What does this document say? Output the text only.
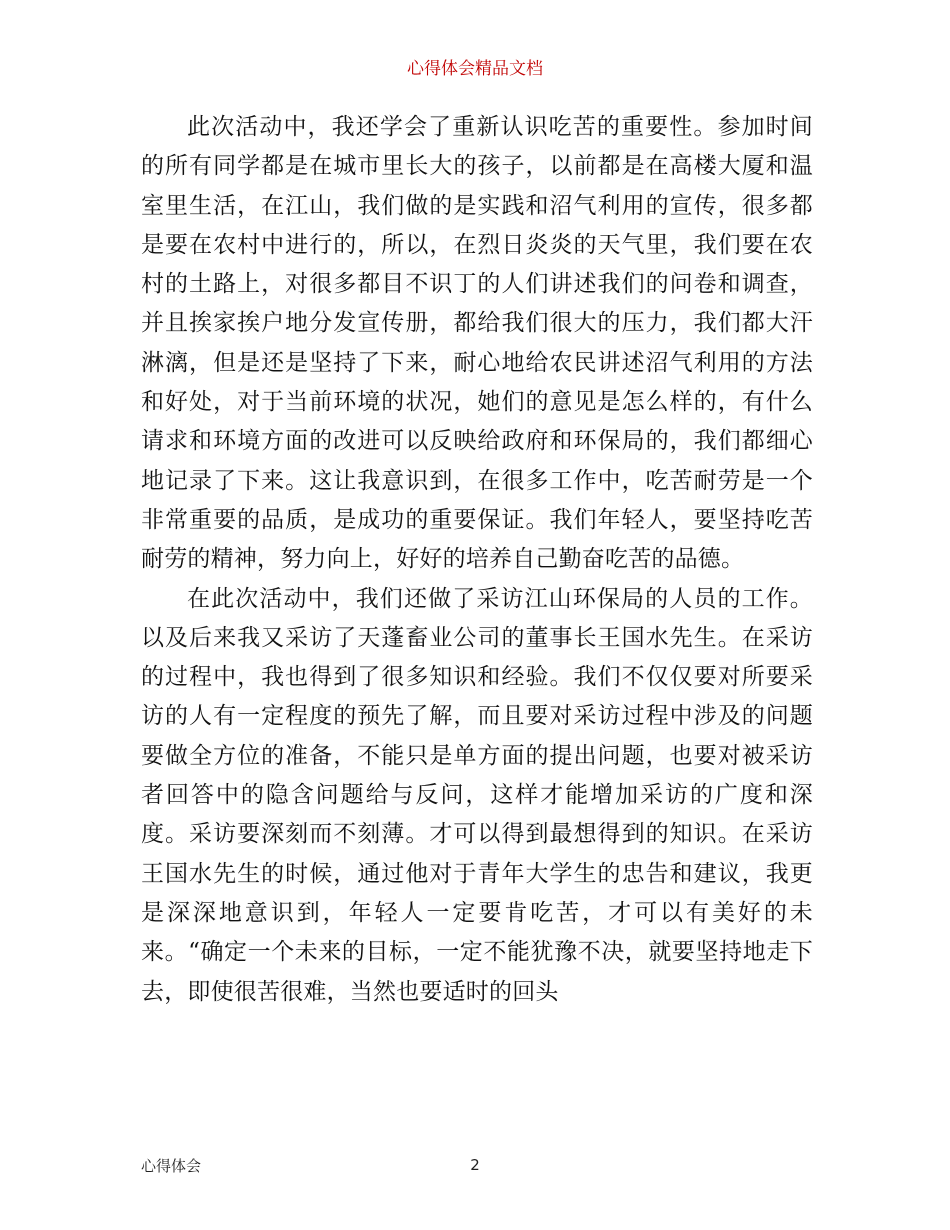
心得体会精品文档

此次活动中，我还学会了重新认识吃苦的重要性。参加时间的所有同学都是在城市里长大的孩子，以前都是在高楼大厦和温室里生活，在江山，我们做的是实践和沼气利用的宣传，很多都是要在农村中进行的，所以，在烈日炎炎的天气里，我们要在农村的土路上，对很多都目不识丁的人们讲述我们的问卷和调查，并且挨家挨户地分发宣传册，都给我们很大的压力，我们都大汗淋漓，但是还是坚持了下来，耐心地给农民讲述沼气利用的方法和好处，对于当前环境的状况，她们的意见是怎么样的，有什么请求和环境方面的改进可以反映给政府和环保局的，我们都细心地记录了下来。这让我意识到，在很多工作中，吃苦耐劳是一个非常重要的品质，是成功的重要保证。我们年轻人，要坚持吃苦耐劳的精神，努力向上，好好的培养自己勤奋吃苦的品德。

在此次活动中，我们还做了采访江山环保局的人员的工作。以及后来我又采访了天蓬畜业公司的董事长王国水先生。在采访的过程中，我也得到了很多知识和经验。我们不仅仅要对所要采访的人有一定程度的预先了解，而且要对采访过程中涉及的问题要做全方位的准备，不能只是单方面的提出问题，也要对被采访者回答中的隐含问题给与反问，这样才能增加采访的广度和深度。采访要深刻而不刻薄。才可以得到最想得到的知识。在采访王国水先生的时候，通过他对于青年大学生的忠告和建议，我更是深深地意识到，年轻人一定要肯吃苦，才可以有美好的未来。“确定一个未来的目标，一定不能犹豫不决，就要坚持地走下去，即使很苦很难，当然也要适时的回头

心得体会	2
